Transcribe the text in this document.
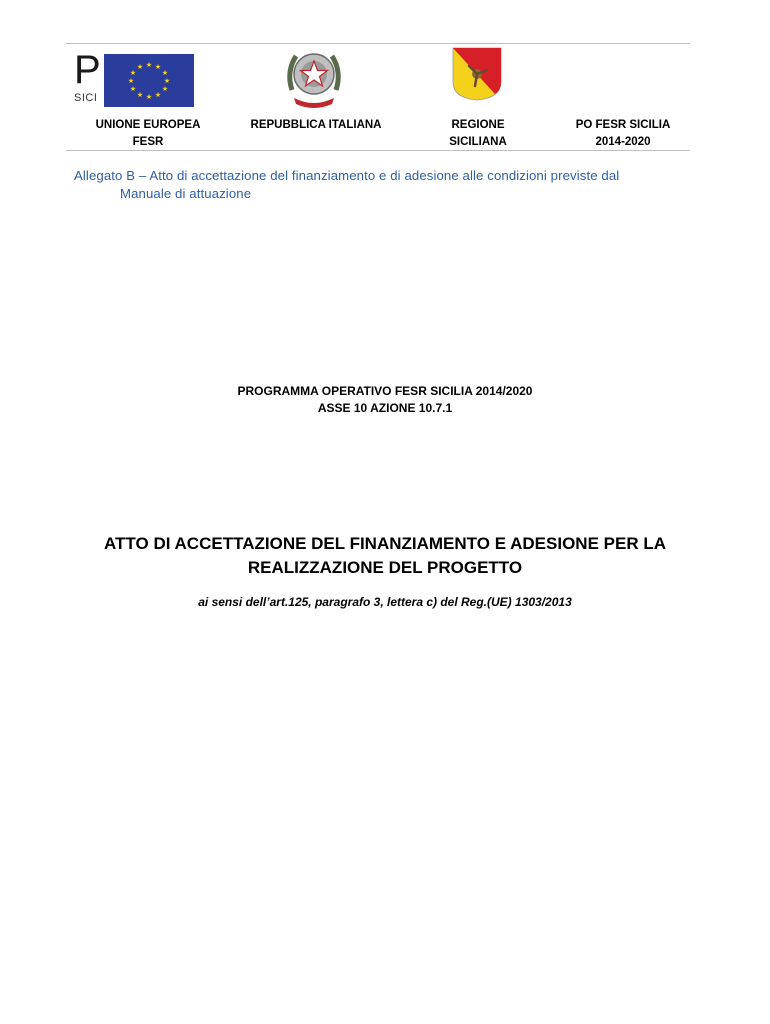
P
SICI
★ ★
★
★
★
★
★
★
★
★
★
★
UNIONE EUROPEA
FESR
REPUBBLICA ITALIANA	REGIONE
SICILIANA
PO FESR SICILIA
2014-2020
Allegato B – Atto di accettazione del finanziamento e di adesione alle condizioni previste dal
Manuale di attuazione
PROGRAMMA OPERATIVO FESR SICILIA 2014/2020
ASSE 10 AZIONE 10.7.1
ATTO DI ACCETTAZIONE DEL FINANZIAMENTO E ADESIONE PER LA
REALIZZAZIONE DEL PROGETTO
ai sensi dell’art.125, paragrafo 3, lettera c) del Reg.(UE) 1303/2013
